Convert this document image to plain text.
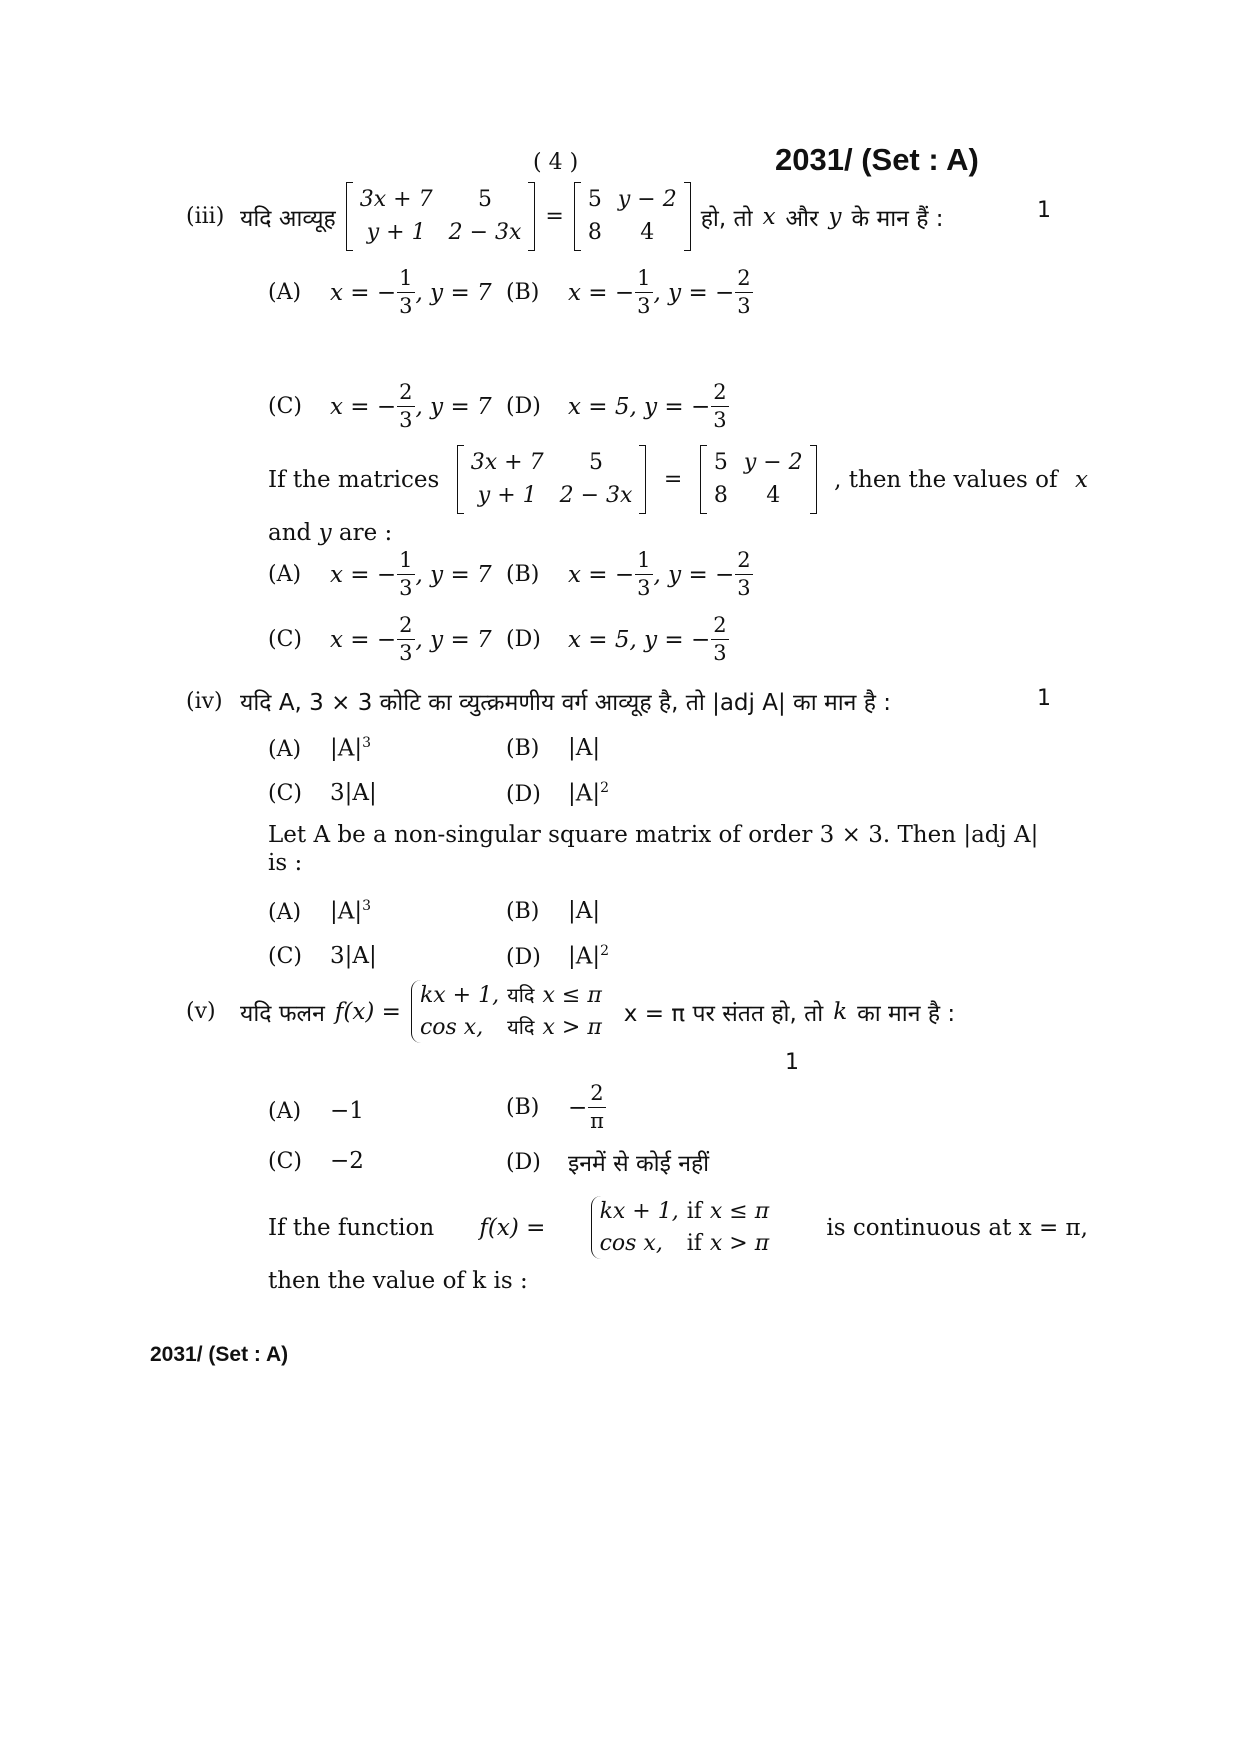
( 4 )	2031/ (Set : A)
(iii) यदि आव्यूह
3x + 7	5
y + 1	2 − 3x
=
5	y − 2
8	4
हो, तो x और y के मान हैं :	1
(A)	x = − $\frac{1}{3}$ , y = 7 (B)	x = − $\frac{1}{3}$ , y = − $\frac{2}{3}$
(C)	x = − $\frac{2}{3}$ , y = 7 (D)	x = 5, y = − $\frac{2}{3}$
If the matrices
3x + 7	5
y + 1	2 − 3x
=
5	y − 2
8	4
, then the values of x
and y are :
(A)	x = − $\frac{1}{3}$ , y = 7 (B)	x = − $\frac{1}{3}$ , y = − $\frac{2}{3}$
(C)	x = − $\frac{2}{3}$ , y = 7 (D)	x = 5, y = − $\frac{2}{3}$
(iv) यदि A, 3 × 3 कोटि का व्युत्क्रमणीय वर्ग आव्यूह है, तो |adj A| का मान है :	1
(A) $|A|^3$	(B) |A|
(C) 3|A|	(D) $|A|^2$
Let A be a non-singular square matrix of order 3 × 3. Then |adj A|
is :
(A) $|A|^3$	(B) |A|
(C) 3|A|	(D) $|A|^2$
(v)	यदि फलन f(x) =
kx + 1,	यदि	x ≤ π
cos x,	यदि	x > π
x = π पर संतत हो, तो k का मान है :
1
(A)	−1	(B)	− $\frac{2}{\pi}$
(C)	−2	(D)	इनमें से कोई नहीं
If the function f(x) =
kx + 1,	if	x ≤ π
cos x,	if	x > π
is continuous at x = π,
then the value of k is :
2031/ (Set : A)
